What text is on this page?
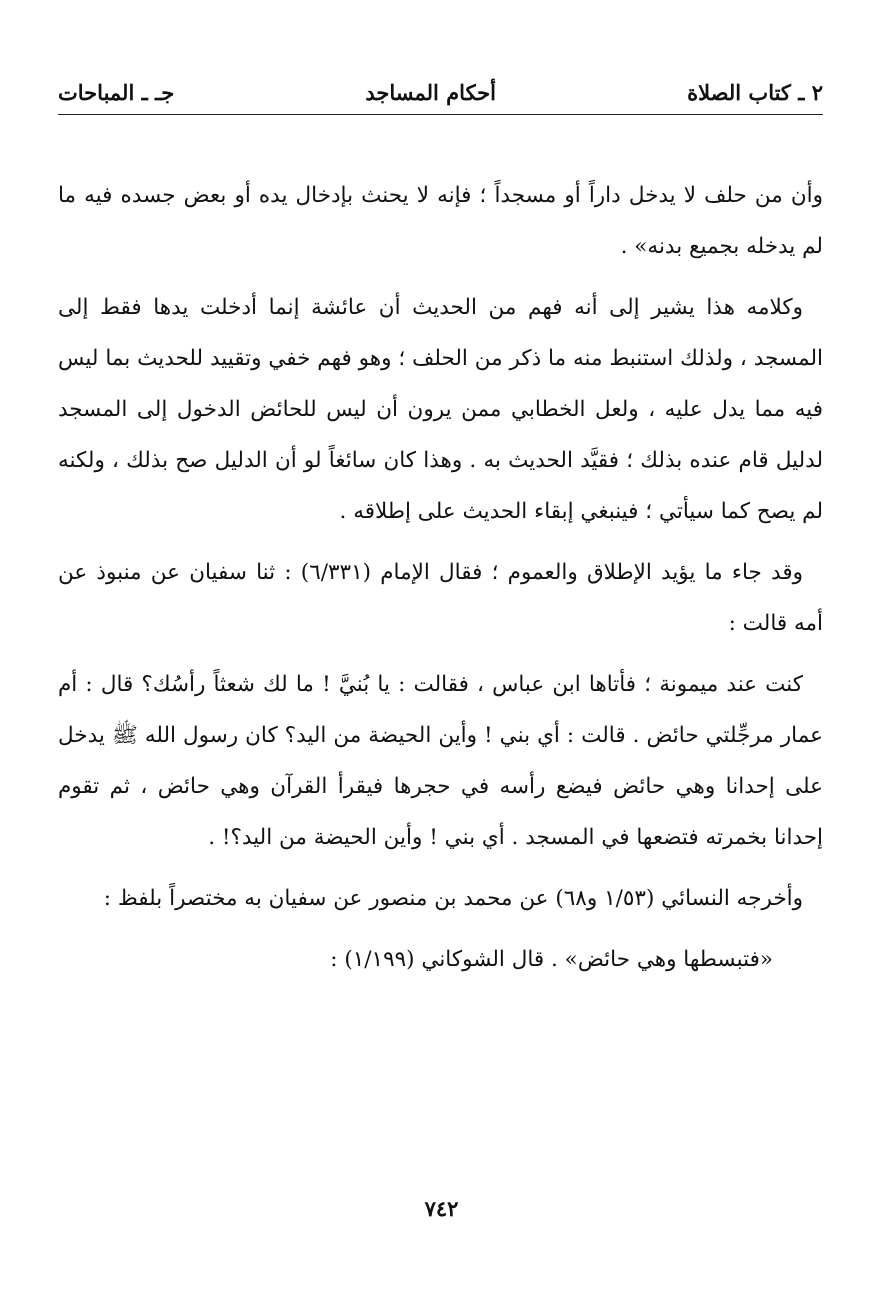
٢ ـ كتاب الصلاة
أحكام المساجد
جـ ـ المباحات

وأن من حلف لا يدخل داراً أو مسجداً ؛ فإنه لا يحنث بإدخال يده أو بعض جسده فيه ما لم يدخله بجميع بدنه» .

وكلامه هذا يشير إلى أنه فهم من الحديث أن عائشة إنما أدخلت يدها فقط إلى المسجد ، ولذلك استنبط منه ما ذكر من الحلف ؛ وهو فهم خفي وتقييد للحديث بما ليس فيه مما يدل عليه ، ولعل الخطابي ممن يرون أن ليس للحائض الدخول إلى المسجد لدليل قام عنده بذلك ؛ فقيَّد الحديث به . وهذا كان سائغاً لو أن الدليل صح بذلك ، ولكنه لم يصح كما سيأتي ؛ فينبغي إبقاء الحديث على إطلاقه .

وقد جاء ما يؤيد الإطلاق والعموم ؛ فقال الإمام (٦/٣٣١) : ثنا سفيان عن منبوذ عن أمه قالت :

كنت عند ميمونة ؛ فأتاها ابن عباس ، فقالت : يا بُنيَّ ! ما لك شعثاً رأسُك؟ قال : أم عمار مرجِّلتي حائض . قالت : أي بني ! وأين الحيضة من اليد؟ كان رسول الله ﷺ يدخل على إحدانا وهي حائض فيضع رأسه في حجرها فيقرأ القرآن وهي حائض ، ثم تقوم إحدانا بخمرته فتضعها في المسجد . أي بني ! وأين الحيضة من اليد؟! .

وأخرجه النسائي (١/٥٣ و٦٨) عن محمد بن منصور عن سفيان به مختصراً بلفظ :

«فتبسطها وهي حائض» . قال الشوكاني (١/١٩٩) :

٧٤٢
